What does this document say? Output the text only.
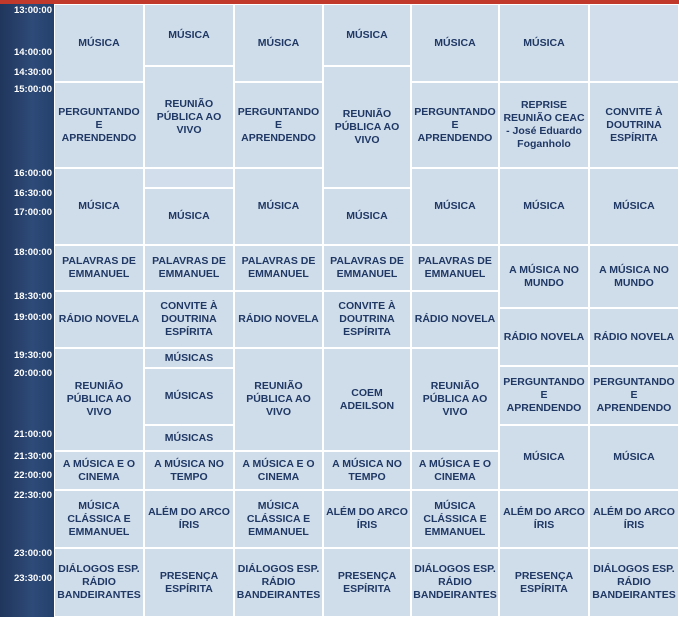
MÚSICA
PERGUNTANDO
E APRENDENDO
MÚSICA
PALAVRAS DE
EMMANUEL
RÁDIO NOVELA
REUNIÃO
PÚBLICA AO
VIVO
A MÚSICA E O
CINEMA
MÚSICA
CLÁSSICA E
EMMANUEL
DIÁLOGOS ESP.
RÁDIO
BANDEIRANTES
MÚSICA
REUNIÃO
PÚBLICA AO
VIVO
MÚSICA
PALAVRAS DE
EMMANUEL
CONVITE À
DOUTRINA
ESPÍRITA
MÚSICAS
MÚSICAS
MÚSICAS
A MÚSICA NO
TEMPO
ALÉM DO ARCO
ÍRIS
PRESENÇA
ESPÍRITA
MÚSICA
PERGUNTANDO
E APRENDENDO
MÚSICA
PALAVRAS DE
EMMANUEL
RÁDIO NOVELA
REUNIÃO
PÚBLICA AO
VIVO
A MÚSICA E O
CINEMA
MÚSICA
CLÁSSICA E
EMMANUEL
DIÁLOGOS ESP.
RÁDIO
BANDEIRANTES
MÚSICA
REUNIÃO
PÚBLICA AO
VIVO
MÚSICA
PALAVRAS DE
EMMANUEL
CONVITE À
DOUTRINA
ESPÍRITA
COEM
ADEILSON
A MÚSICA NO
TEMPO
ALÉM DO ARCO
ÍRIS
PRESENÇA
ESPÍRITA
MÚSICA
PERGUNTANDO
E APRENDENDO
MÚSICA
PALAVRAS DE
EMMANUEL
RÁDIO NOVELA
REUNIÃO
PÚBLICA AO
VIVO
A MÚSICA E O
CINEMA
MÚSICA
CLÁSSICA E
EMMANUEL
DIÁLOGOS ESP.
RÁDIO
BANDEIRANTES
MÚSICA
REPRISE
REUNIÃO CEAC
- José Eduardo
Foganholo
MÚSICA
A MÚSICA NO
MUNDO
RÁDIO NOVELA
PERGUNTANDO
E APRENDENDO
MÚSICA
ALÉM DO ARCO
ÍRIS
PRESENÇA
ESPÍRITA
CONVITE À
DOUTRINA
ESPÍRITA
MÚSICA
A MÚSICA NO
MUNDO
RÁDIO NOVELA
PERGUNTANDO
E APRENDENDO
MÚSICA
ALÉM DO ARCO
ÍRIS
DIÁLOGOS ESP.
RÁDIO
BANDEIRANTES
13:00:00
14:00:00
14:30:00
15:00:00
16:00:00
16:30:00
17:00:00
18:00:00
18:30:00
19:00:00
19:30:00
20:00:00
21:00:00
21:30:00
22:00:00
22:30:00
23:00:00
23:30:00
